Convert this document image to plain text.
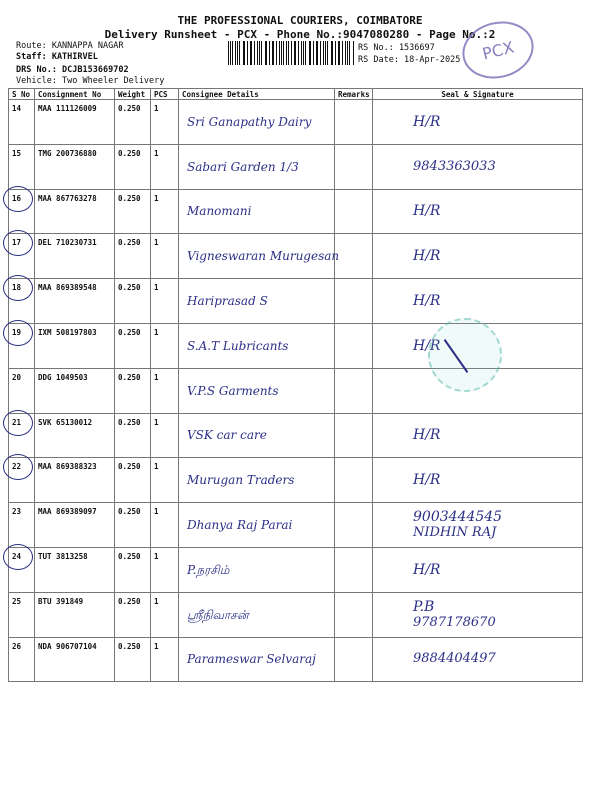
THE PROFESSIONAL COURIERS, COIMBATORE
Delivery Runsheet - PCX - Phone No.:9047080280 - Page No.:2
Route: KANNAPPA NAGAR
Staff: KATHIRVEL
DRS No.: DCJB153669702
Vehicle: Two Wheeler Delivery
RS No.: 1536697
RS Date: 18-Apr-2025	PCX
S No	Consignment No	Weight	PCS	Consignee Details	Remarks	Seal & Signature
14	MAA 111126009	0.250	1	Sri Ganapathy Dairy		H/R

15	TMG 200736880	0.250	1	Sabari Garden 1/3		9843363033

16	MAA 867763278	0.250	1	Manomani		H/R

17	DEL 710230731	0.250	1	Vigneswaran Murugesan		H/R

18	MAA 869389548	0.250	1	Hariprasad S		H/R

19	IXM 508197803	0.250	1	S.A.T Lubricants		H/R

20	DDG 1049503	0.250	1	V.P.S Garments		

21	SVK 65130012	0.250	1	VSK car care		H/R

22	MAA 869388323	0.250	1	Murugan Traders		H/R

23	MAA 869389097	0.250	1	Dhanya Raj Parai		9003444545
NIDHIN RAJ

24	TUT 3813258	0.250	1	P.நரசிம்		H/R

25	BTU 391849	0.250	1	ஸ்ரீநிவாசன்		P.B
9787178670

26	NDA 906707104	0.250	1	Parameswar Selvaraj		9884404497
